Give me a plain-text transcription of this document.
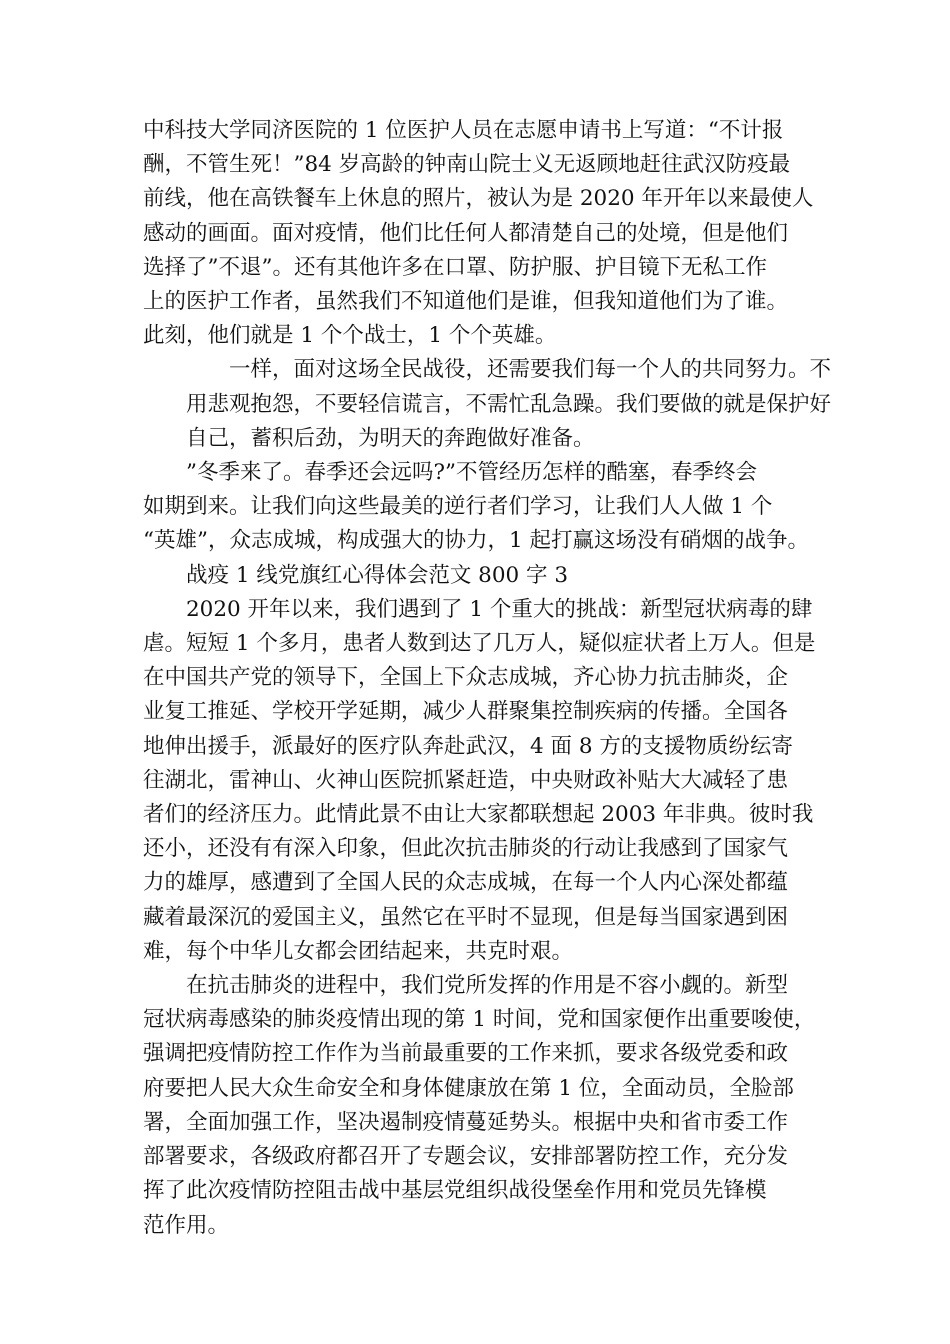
中科技大学同济医院的 1 位医护人员在志愿申请书上写道：“不计报
酬，不管生死！”84 岁高龄的钟南山院士义无返顾地赶往武汉防疫最
前线，他在高铁餐车上休息的照片，被认为是 2020 年开年以来最使人
感动的画面。面对疫情，他们比任何人都清楚自己的处境，但是他们
选择了”不退”。还有其他许多在口罩、防护服、护目镜下无私工作
上的医护工作者，虽然我们不知道他们是谁，但我知道他们为了谁。
此刻，他们就是 1 个个战士，1 个个英雄。

一样，面对这场全民战役，还需要我们每一个人的共同努力。不
用悲观抱怨，不要轻信谎言，不需忙乱急躁。我们要做的就是保护好
自己，蓄积后劲，为明天的奔跑做好准备。

”冬季来了。春季还会远吗?”不管经历怎样的酷塞，春季终会
如期到来。让我们向这些最美的逆行者们学习，让我们人人做 1 个
“英雄”，众志成城，构成强大的协力，1 起打赢这场没有硝烟的战争。

战疫 1 线党旗红心得体会范文 800 字 3

2020 开年以来，我们遇到了 1 个重大的挑战：新型冠状病毒的肆
虐。短短 1 个多月，患者人数到达了几万人，疑似症状者上万人。但是
在中国共产党的领导下，全国上下众志成城，齐心协力抗击肺炎，企
业复工推延、学校开学延期，减少人群聚集控制疾病的传播。全国各
地伸出援手，派最好的医疗队奔赴武汉，4 面 8 方的支援物质纷纭寄
往湖北，雷神山、火神山医院抓紧赶造，中央财政补贴大大减轻了患
者们的经济压力。此情此景不由让大家都联想起 2003 年非典。彼时我
还小，还没有有深入印象，但此次抗击肺炎的行动让我感到了国家气
力的雄厚，感遭到了全国人民的众志成城，在每一个人内心深处都蕴
藏着最深沉的爱国主义，虽然它在平时不显现，但是每当国家遇到困
难，每个中华儿女都会团结起来，共克时艰。

在抗击肺炎的进程中，我们党所发挥的作用是不容小觑的。新型
冠状病毒感染的肺炎疫情出现的第 1 时间，党和国家便作出重要唆使，
强调把疫情防控工作作为当前最重要的工作来抓，要求各级党委和政
府要把人民大众生命安全和身体健康放在第 1 位，全面动员，全脸部
署，全面加强工作，坚决遏制疫情蔓延势头。根据中央和省市委工作
部署要求，各级政府都召开了专题会议，安排部署防控工作，充分发
挥了此次疫情防控阻击战中基层党组织战役堡垒作用和党员先锋模
范作用。
